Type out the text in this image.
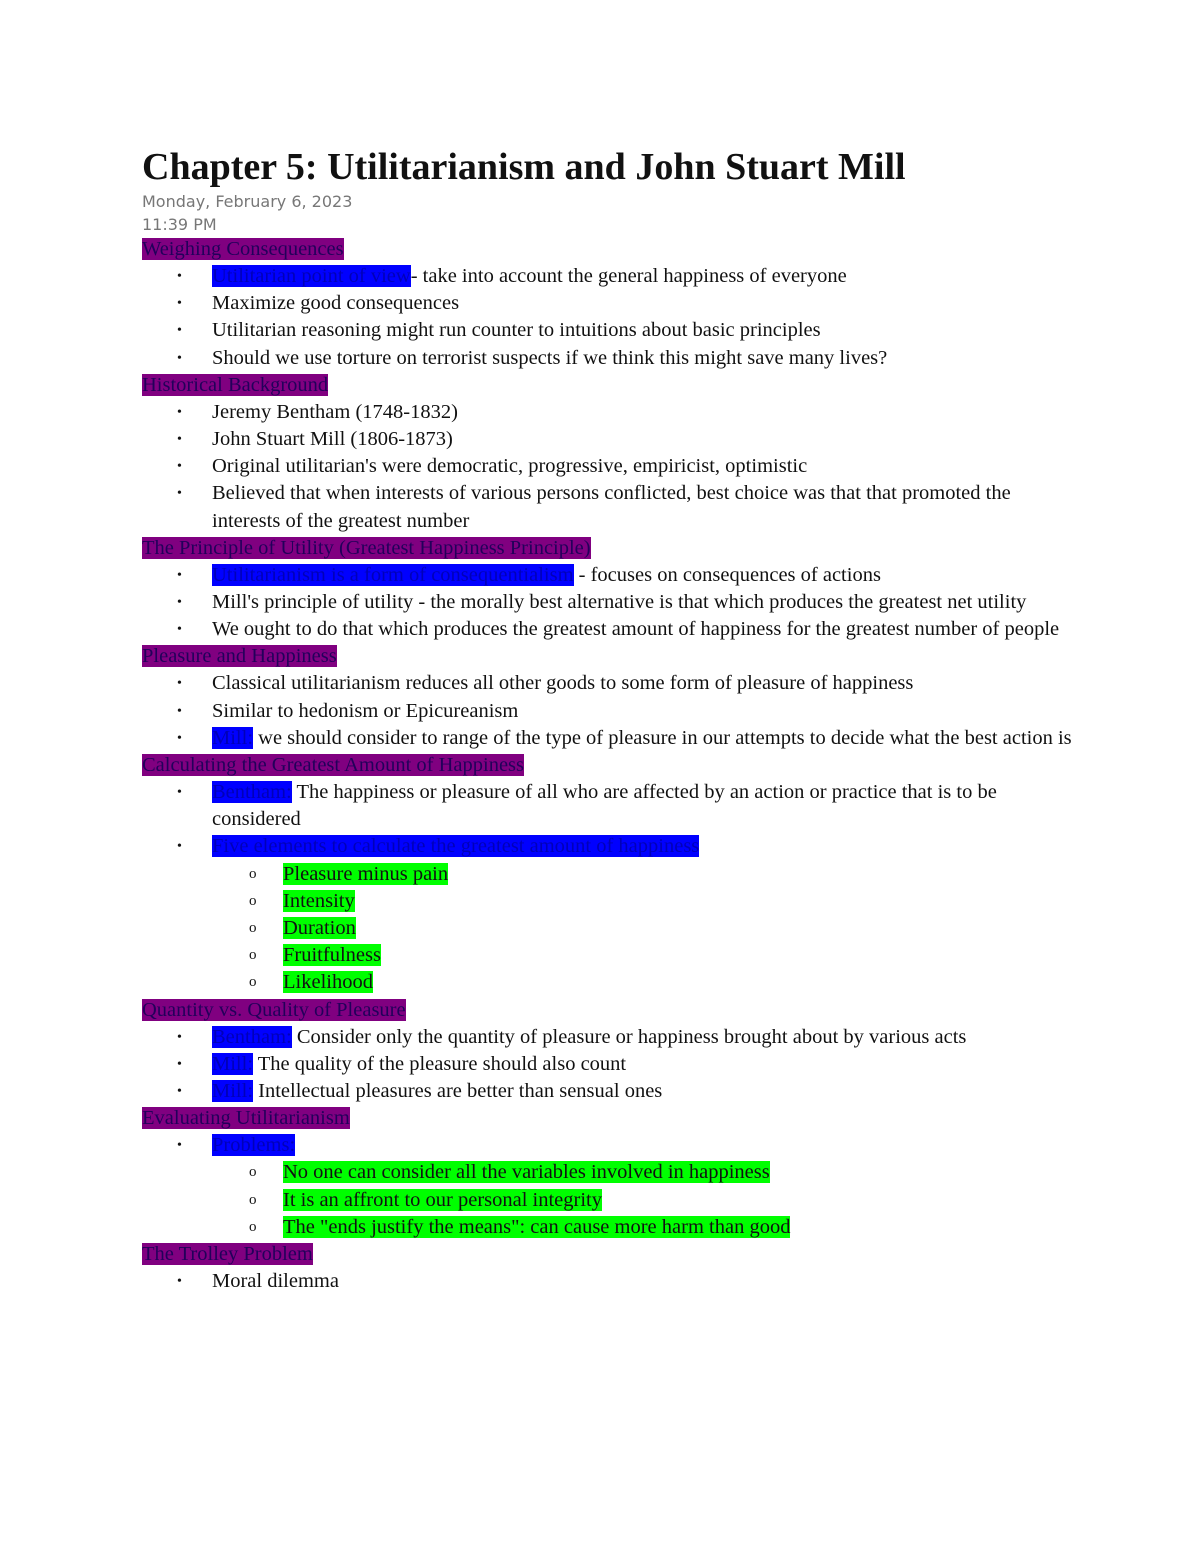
Chapter 5: Utilitarianism and John Stuart Mill
Monday, February 6, 2023
11:39 PM
Weighing Consequences
• Utilitarian point of view- take into account the general happiness of everyone
• Maximize good consequences
• Utilitarian reasoning might run counter to intuitions about basic principles
• Should we use torture on terrorist suspects if we think this might save many lives?
Historical Background
• Jeremy Bentham (1748-1832)
• John Stuart Mill (1806-1873)
• Original utilitarian's were democratic, progressive, empiricist, optimistic
• Believed that when interests of various persons conflicted, best choice was that that promoted the interests of the greatest number
The Principle of Utility (Greatest Happiness Principle)
• Utilitarianism is a form of consequentialism - focuses on consequences of actions
• Mill's principle of utility - the morally best alternative is that which produces the greatest net utility
• We ought to do that which produces the greatest amount of happiness for the greatest number of people
Pleasure and Happiness
• Classical utilitarianism reduces all other goods to some form of pleasure of happiness
• Similar to hedonism or Epicureanism
• Mill: we should consider to range of the type of pleasure in our attempts to decide what the best action is
Calculating the Greatest Amount of Happiness
• Bentham: The happiness or pleasure of all who are affected by an action or practice that is to be considered
• Five elements to calculate the greatest amount of happiness
o Pleasure minus pain
o Intensity
o Duration
o Fruitfulness
o Likelihood
Quantity vs. Quality of Pleasure
• Bentham: Consider only the quantity of pleasure or happiness brought about by various acts
• Mill: The quality of the pleasure should also count
• Mill: Intellectual pleasures are better than sensual ones
Evaluating Utilitarianism
• Problems:
o No one can consider all the variables involved in happiness
o It is an affront to our personal integrity
o The "ends justify the means": can cause more harm than good
The Trolley Problem
• Moral dilemma
